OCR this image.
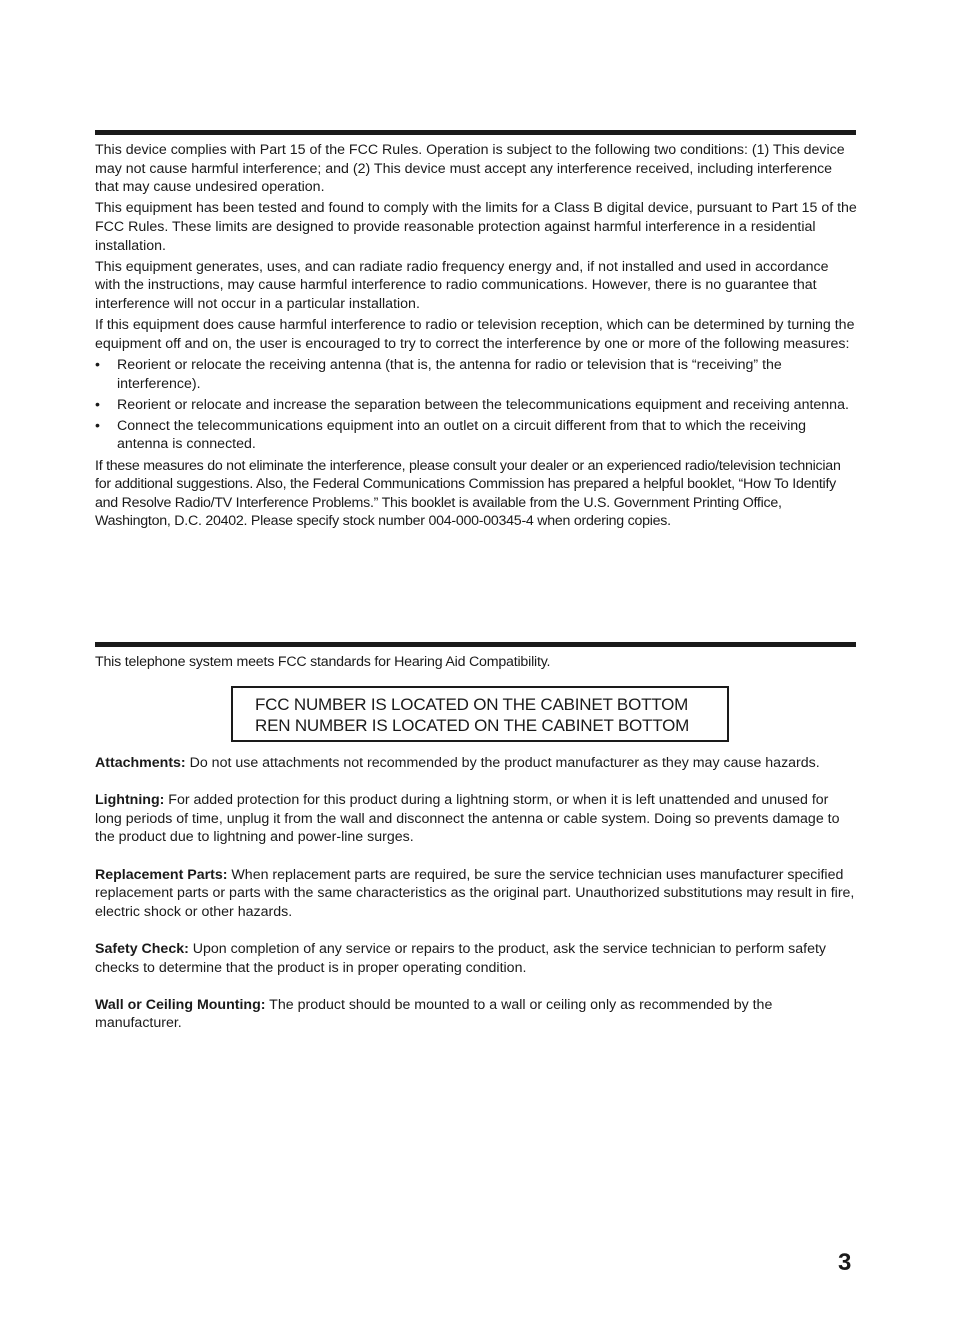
This device complies with Part 15 of the FCC Rules. Operation is subject to the following two conditions: (1) This device may not cause harmful interference; and (2) This device must accept any interference received, including interference that may cause undesired operation.

This equipment has been tested and found to comply with the limits for a Class B digital device, pursuant to Part 15 of the FCC Rules. These limits are designed to provide reasonable protection against harmful interference in a residential installation.

This equipment generates, uses, and can radiate radio frequency energy and, if not installed and used in accordance with the instructions, may cause harmful interference to radio communications. However, there is no guarantee that interference will not occur in a particular installation.

If this equipment does cause harmful interference to radio or television reception, which can be determined by turning the equipment off and on, the user is encouraged to try to correct the interference by one or more of the following measures:

• Reorient or relocate the receiving antenna (that is, the antenna for radio or television that is “receiving” the interference).
• Reorient or relocate and increase the separation between the telecommunications equipment and receiving antenna.
• Connect the telecommunications equipment into an outlet on a circuit different from that to which the receiving antenna is connected.

If these measures do not eliminate the interference, please consult your dealer or an experienced radio/television technician for additional suggestions. Also, the Federal Communications Commission has prepared a helpful booklet, “How To Identify and Resolve Radio/TV Interference Problems.” This booklet is available from the U.S. Government Printing Office, Washington, D.C. 20402. Please specify stock number 004-000-00345-4 when ordering copies.

This telephone system meets FCC standards for Hearing Aid Compatibility.
FCC NUMBER IS LOCATED ON THE CABINET BOTTOM
REN NUMBER IS LOCATED ON THE CABINET BOTTOM

Attachments: Do not use attachments not recommended by the product manufacturer as they may cause hazards.

Lightning: For added protection for this product during a lightning storm, or when it is left unattended and unused for long periods of time, unplug it from the wall and disconnect the antenna or cable system. Doing so prevents damage to the product due to lightning and power-line surges.

Replacement Parts: When replacement parts are required, be sure the service technician uses manufacturer specified replacement parts or parts with the same characteristics as the original part. Unauthorized substitutions may result in fire, electric shock or other hazards.

Safety Check: Upon completion of any service or repairs to the product, ask the service technician to perform safety checks to determine that the product is in proper operating condition.

Wall or Ceiling Mounting: The product should be mounted to a wall or ceiling only as recommended by the manufacturer.

3
